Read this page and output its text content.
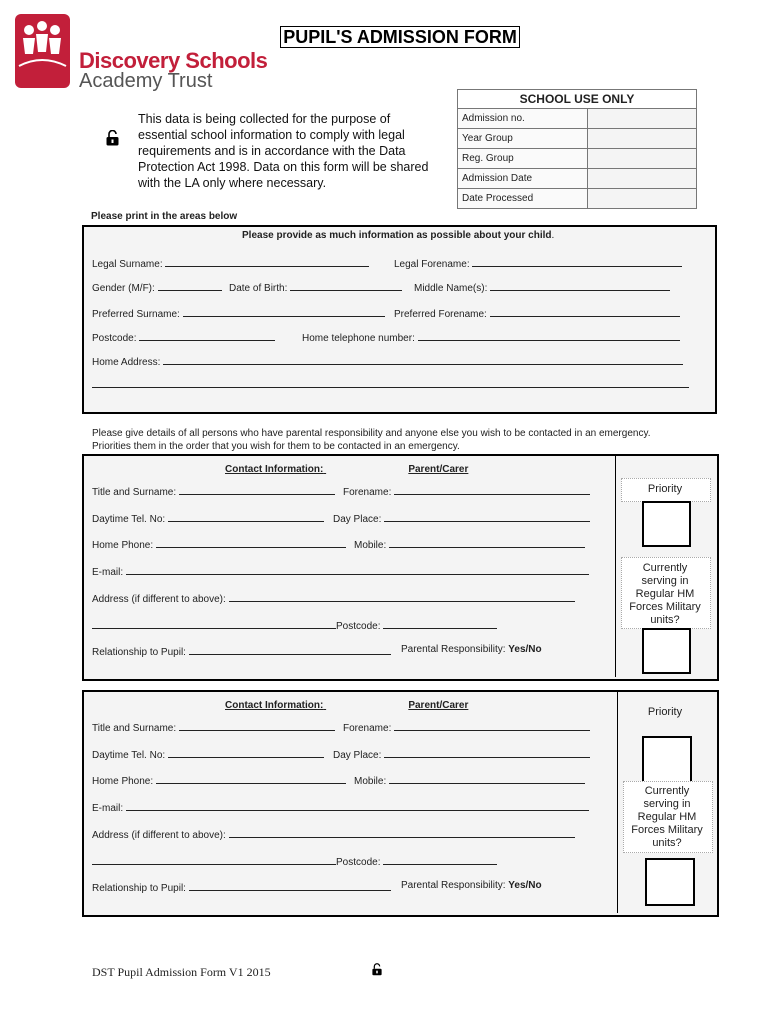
Discovery Schools
Academy Trust
PUPIL'S ADMISSION FORM
This data is being collected for the purpose of essential school information to comply with legal requirements and is in accordance with the Data Protection Act 1998. Data on this form will be shared with the LA only where necessary.
SCHOOL USE ONLY	
Admission no.	
Year Group	
Reg. Group	
Admission Date	
Date Processed	
Please print in the areas below
Please provide as much information as possible about your child.
Legal Surname:	Legal Forename:
Gender (M/F):	Date of Birth:	Middle Name(s):
Preferred Surname:	Preferred Forename:
Postcode:	Home telephone number:
Home Address:
Please give details of all persons who have parental responsibility and anyone else you wish to be contacted in an emergency.
Priorities them in the order that you wish for them to be contacted in an emergency.
Contact Information:	Parent/Carer
Title and Surname:	Forename:
Daytime Tel. No:	Day Place:
Home Phone:	Mobile:
E-mail:
Address (if different to above):
Postcode:
Relationship to Pupil:	Parental Responsibility: Yes/No
Priority
Currently serving in Regular HM Forces Military units?
Contact Information:	Parent/Carer
Title and Surname:	Forename:
Daytime Tel. No:	Day Place:
Home Phone:	Mobile:
E-mail:
Address (if different to above):
Postcode:
Relationship to Pupil:	Parental Responsibility: Yes/No
Priority
Currently serving in Regular HM Forces Military units?
DST Pupil Admission Form V1 2015
